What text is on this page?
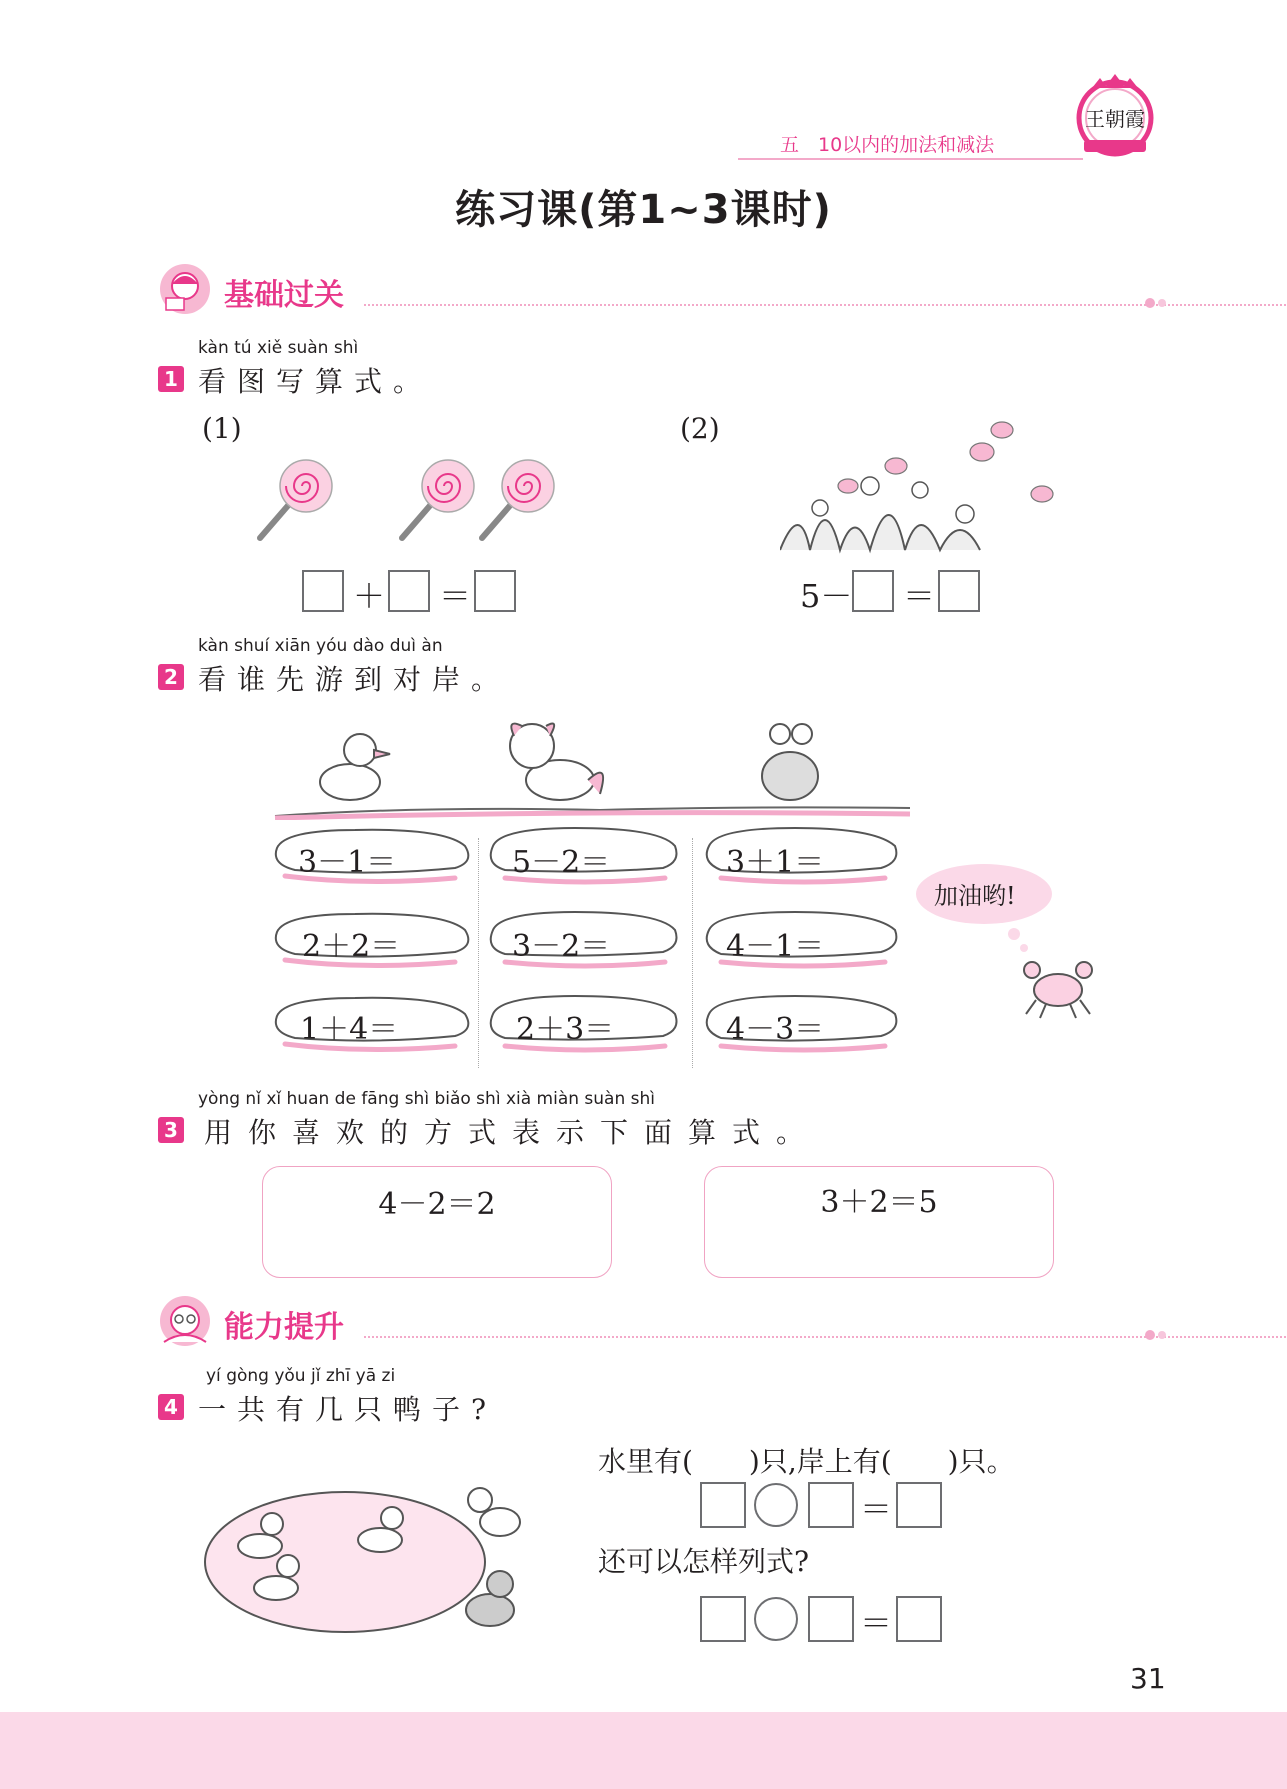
五　10以内的加法和减法
王朝霞
练习课(第1~3课时)
基础过关
kàn tú xiě suàn shì
1 看图写算式。
(1)	(2)
＋ ＝	5－ ＝
kàn shuí xiān yóu dào duì àn
2 看谁先游到对岸。
3－1＝	5－2＝	3＋1＝
2＋2＝	3－2＝	4－1＝
1＋4＝	2＋3＝	4－3＝
加油哟!
yòng nǐ xǐ huan de fāng shì biǎo shì xià miàn suàn shì
3 用你喜欢的方式表示下面算式。
4－2＝2	3＋2＝5
能力提升
yí gòng yǒu jǐ zhī yā zi
4 一共有几只鸭子?
水里有(　　)只,岸上有(　　)只。
＝
还可以怎样列式?
＝
31
